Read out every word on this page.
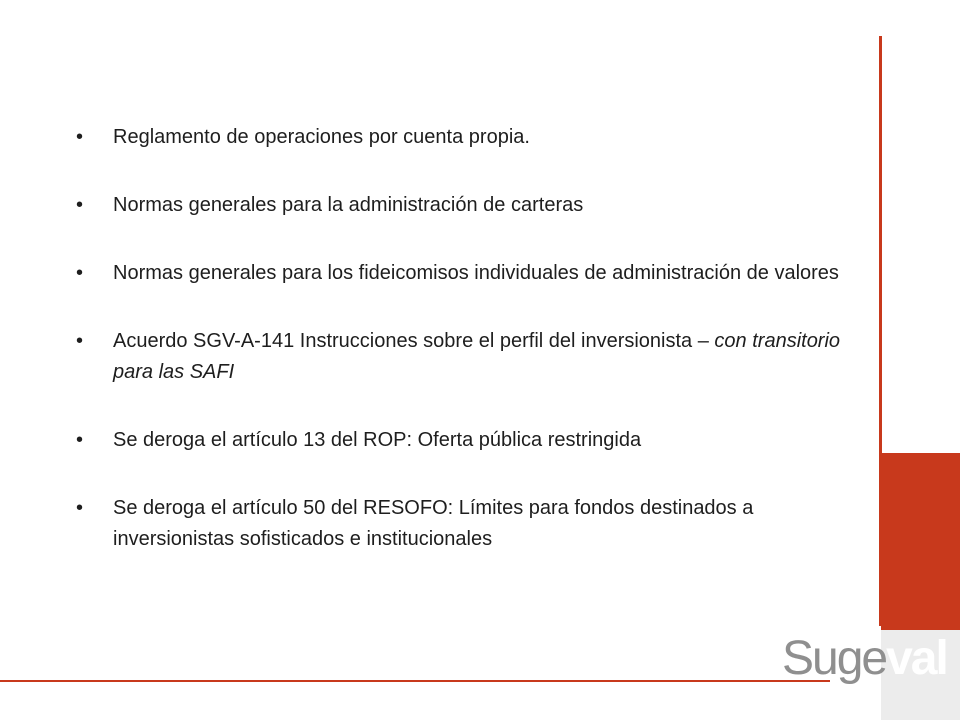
• Reglamento de operaciones por cuenta propia.
• Normas generales para la administración de carteras
• Normas generales para los fideicomisos individuales de administración de valores
• Acuerdo SGV-A-141 Instrucciones sobre el perfil del inversionista – con transitorio para las SAFI
• Se deroga el artículo 13 del ROP: Oferta pública restringida
• Se deroga el artículo 50 del RESOFO: Límites para fondos destinados a inversionistas sofisticados e institucionales
Sugeval
